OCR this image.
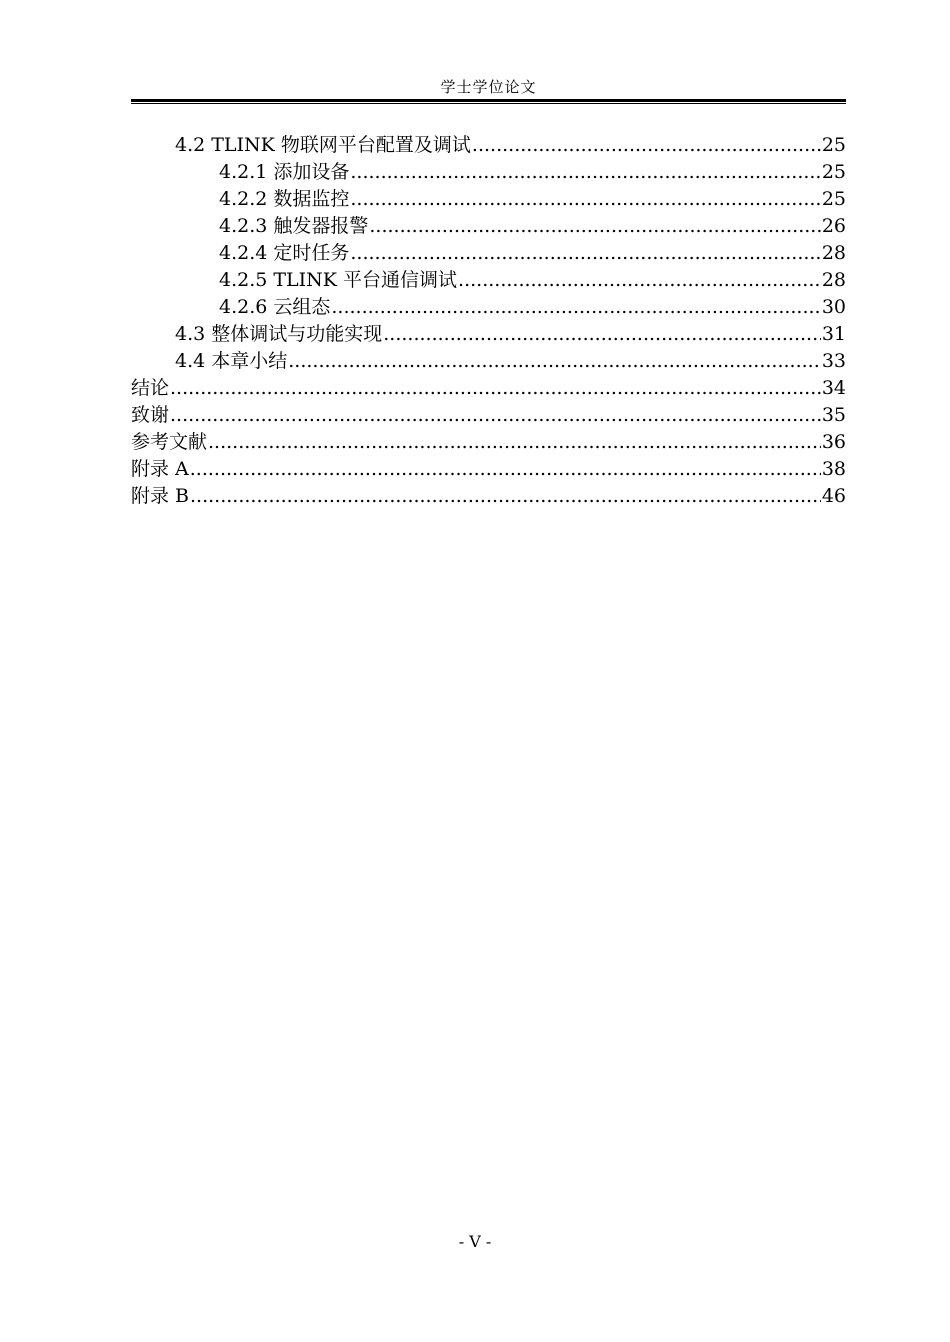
学士学位论文
4.2 TLINK 物联网平台配置及调试 .....	25
4.2.1 添加设备 .....	25
4.2.2 数据监控 .....	25
4.2.3 触发器报警 .....	26
4.2.4 定时任务 .....	28
4.2.5 TLINK 平台通信调试 .....	28
4.2.6 云组态 .....	30
4.3 整体调试与功能实现 .....	31
4.4 本章小结 .....	33
结论 .....	34
致谢 .....	35
参考文献 .....	36
附录 A .....	38
附录 B .....	46
- V -
